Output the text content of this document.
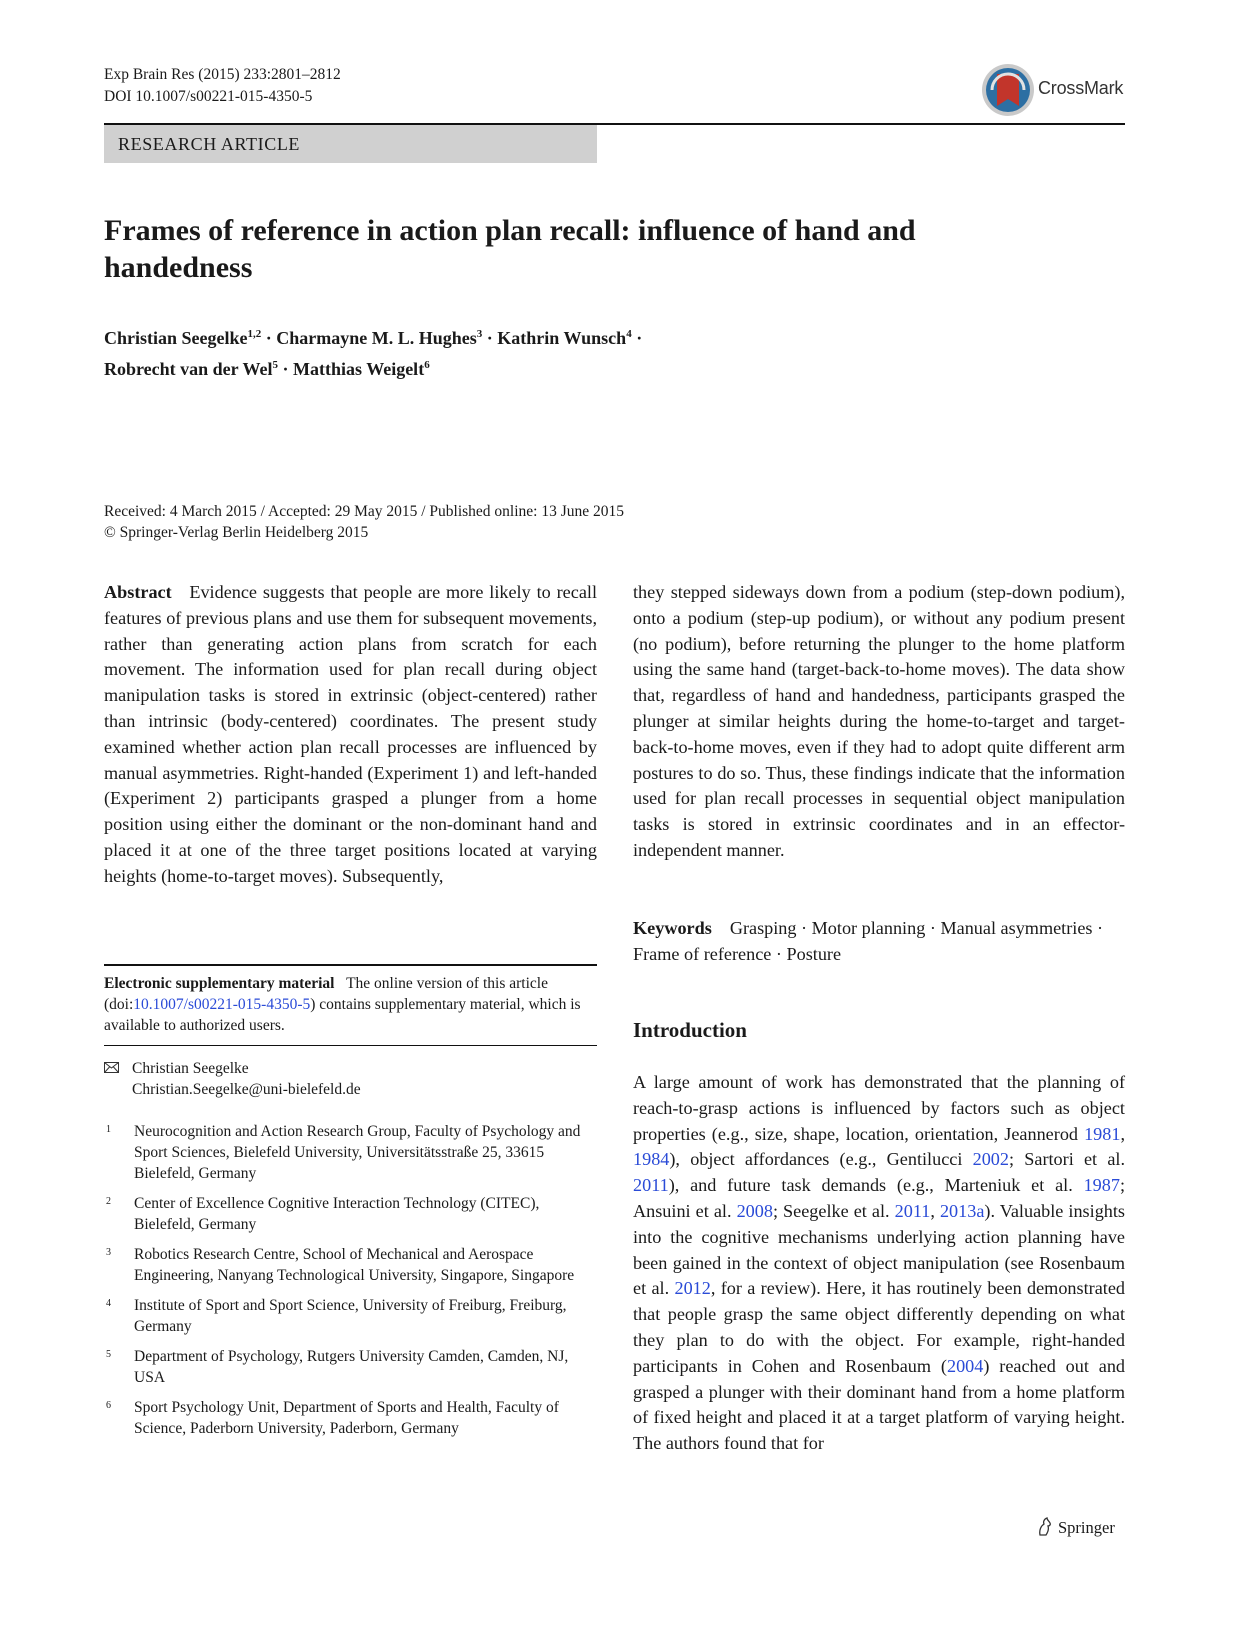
Exp Brain Res (2015) 233:2801–2812
DOI 10.1007/s00221-015-4350-5	CrossMark
RESEARCH ARTICLE
Frames of reference in action plan recall: influence of hand and handedness
Christian Seegelke$^{1,2}$ · Charmayne M. L. Hughes$^3$ · Kathrin Wunsch$^4$ ·
Robrecht van der Wel$^5$ · Matthias Weigelt$^6$
Received: 4 March 2015 / Accepted: 29 May 2015 / Published online: 13 June 2015
© Springer-Verlag Berlin Heidelberg 2015
Abstract Evidence suggests that people are more likely to recall features of previous plans and use them for subsequent movements, rather than generating action plans from scratch for each movement. The information used for plan recall during object manipulation tasks is stored in extrinsic (object-centered) rather than intrinsic (body-centered) coordinates. The present study examined whether action plan recall processes are influenced by manual asymmetries. Right-handed (Experiment 1) and left-handed (Experiment 2) participants grasped a plunger from a home position using either the dominant or the non-dominant hand and placed it at one of the three target positions located at varying heights (home-to-target moves). Subsequently,
Electronic supplementary material The online version of this article (doi:10.1007/s00221-015-4350-5) contains supplementary material, which is available to authorized users.
Christian Seegelke
Christian.Seegelke@uni-bielefeld.de
1 Neurocognition and Action Research Group, Faculty of Psychology and Sport Sciences, Bielefeld University, Universitätsstraße 25, 33615 Bielefeld, Germany
2 Center of Excellence Cognitive Interaction Technology (CITEC), Bielefeld, Germany
3 Robotics Research Centre, School of Mechanical and Aerospace Engineering, Nanyang Technological University, Singapore, Singapore
4 Institute of Sport and Sport Science, University of Freiburg, Freiburg, Germany
5 Department of Psychology, Rutgers University Camden, Camden, NJ, USA
6 Sport Psychology Unit, Department of Sports and Health, Faculty of Science, Paderborn University, Paderborn, Germany
they stepped sideways down from a podium (step-down podium), onto a podium (step-up podium), or without any podium present (no podium), before returning the plunger to the home platform using the same hand (target-back-to-home moves). The data show that, regardless of hand and handedness, participants grasped the plunger at similar heights during the home-to-target and target-back-to-home moves, even if they had to adopt quite different arm postures to do so. Thus, these findings indicate that the information used for plan recall processes in sequential object manipulation tasks is stored in extrinsic coordinates and in an effector-independent manner.
Keywords Grasping · Motor planning · Manual asymmetries · Frame of reference · Posture
Introduction
A large amount of work has demonstrated that the planning of reach-to-grasp actions is influenced by factors such as object properties (e.g., size, shape, location, orientation, Jeannerod 1981, 1984), object affordances (e.g., Gentilucci 2002; Sartori et al. 2011), and future task demands (e.g., Marteniuk et al. 1987; Ansuini et al. 2008; Seegelke et al. 2011, 2013a). Valuable insights into the cognitive mechanisms underlying action planning have been gained in the context of object manipulation (see Rosenbaum et al. 2012, for a review). Here, it has routinely been demonstrated that people grasp the same object differently depending on what they plan to do with the object. For example, right-handed participants in Cohen and Rosenbaum (2004) reached out and grasped a plunger with their dominant hand from a home platform of fixed height and placed it at a target platform of varying height. The authors found that for
Springer
